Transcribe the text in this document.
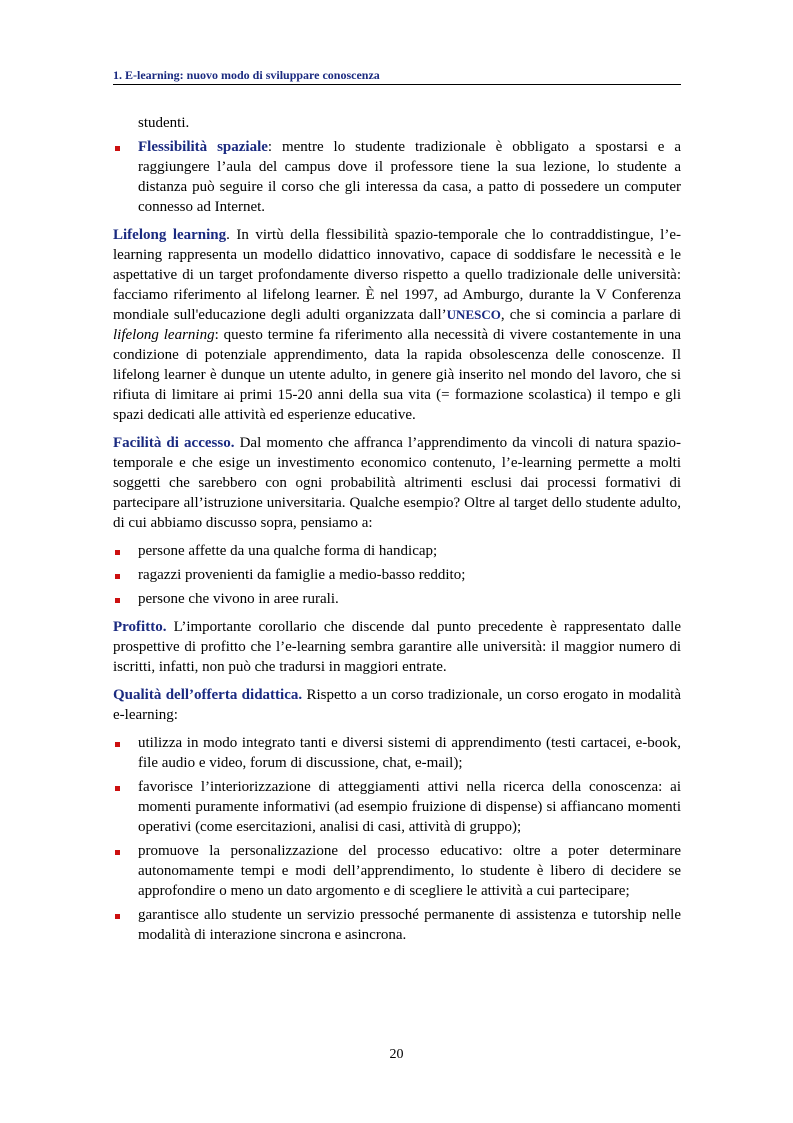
1. E-learning: nuovo modo di sviluppare conoscenza

studenti.

Flessibilità spaziale: mentre lo studente tradizionale è obbligato a spostarsi e a raggiungere l’aula del campus dove il professore tiene la sua lezione, lo studente a distanza può seguire il corso che gli interessa da casa, a patto di possedere un computer connesso ad Internet.

Lifelong learning. In virtù della flessibilità spazio-temporale che lo contraddistingue, l’e-learning rappresenta un modello didattico innovativo, capace di soddisfare le necessità e le aspettative di un target profondamente diverso rispetto a quello tradizionale delle università: facciamo riferimento al lifelong learner. È nel 1997, ad Amburgo, durante la V Conferenza mondiale sull'educazione degli adulti organizzata dall’UNESCO, che si comincia a parlare di lifelong learning: questo termine fa riferimento alla necessità di vivere costantemente in una condizione di potenziale apprendimento, data la rapida obsolescenza delle conoscenze. Il lifelong learner è dunque un utente adulto, in genere già inserito nel mondo del lavoro, che si rifiuta di limitare ai primi 15-20 anni della sua vita (= formazione scolastica) il tempo e gli spazi dedicati alle attività ed esperienze educative.

Facilità di accesso. Dal momento che affranca l’apprendimento da vincoli di natura spazio-temporale e che esige un investimento economico contenuto, l’e-learning permette a molti soggetti che sarebbero con ogni probabilità altrimenti esclusi dai processi formativi di partecipare all’istruzione universitaria. Qualche esempio? Oltre al target dello studente adulto, di cui abbiamo discusso sopra, pensiamo a:

persone affette da una qualche forma di handicap;
ragazzi provenienti da famiglie a medio-basso reddito;
persone che vivono in aree rurali.

Profitto. L’importante corollario che discende dal punto precedente è rappresentato dalle prospettive di profitto che l’e-learning sembra garantire alle università: il maggior numero di iscritti, infatti, non può che tradursi in maggiori entrate.

Qualità dell’offerta didattica. Rispetto a un corso tradizionale, un corso erogato in modalità e-learning:

utilizza in modo integrato tanti e diversi sistemi di apprendimento (testi cartacei, e-book, file audio e video, forum di discussione, chat, e-mail);
favorisce l’interiorizzazione di atteggiamenti attivi nella ricerca della conoscenza: ai momenti puramente informativi (ad esempio fruizione di dispense) si affiancano momenti operativi (come esercitazioni, analisi di casi, attività di gruppo);
promuove la personalizzazione del processo educativo: oltre a poter determinare autonomamente tempi e modi dell’apprendimento, lo studente è libero di decidere se approfondire o meno un dato argomento e di scegliere le attività a cui partecipare;
garantisce allo studente un servizio pressoché permanente di assistenza e tutorship nelle modalità di interazione sincrona e asincrona.
20
